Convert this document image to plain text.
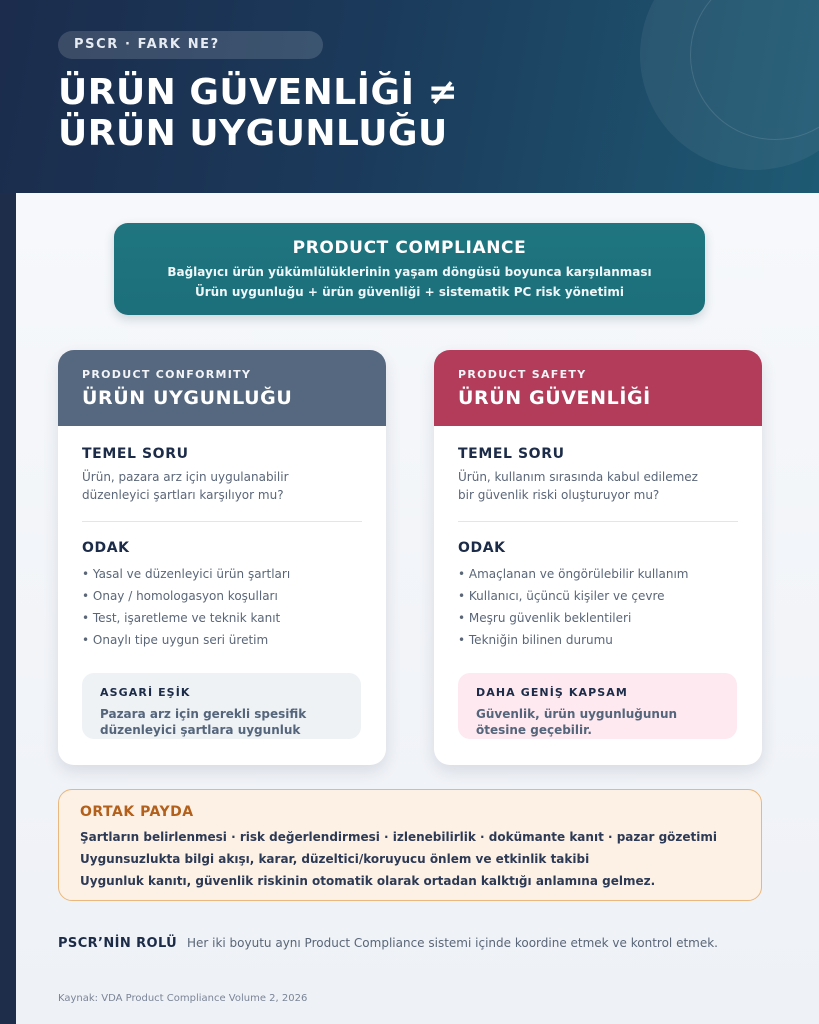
PSCR · FARK NE?
ÜRÜN GÜVENLİĞİ ≠
ÜRÜN UYGUNLUĞU
PRODUCT COMPLIANCE
Bağlayıcı ürün yükümlülüklerinin yaşam döngüsü boyunca karşılanması
Ürün uygunluğu + ürün güvenliği + sistematik PC risk yönetimi
PRODUCT CONFORMITY
ÜRÜN UYGUNLUĞU
TEMEL SORU
Ürün, pazara arz için uygulanabilir
düzenleyici şartları karşılıyor mu?
ODAK
• Yasal ve düzenleyici ürün şartları
• Onay / homologasyon koşulları
• Test, işaretleme ve teknik kanıt
• Onaylı tipe uygun seri üretim
ASGARİ EŞİK
Pazara arz için gerekli spesifik
düzenleyici şartlara uygunluk
PRODUCT SAFETY
ÜRÜN GÜVENLİĞİ
TEMEL SORU
Ürün, kullanım sırasında kabul edilemez
bir güvenlik riski oluşturuyor mu?
ODAK
• Amaçlanan ve öngörülebilir kullanım
• Kullanıcı, üçüncü kişiler ve çevre
• Meşru güvenlik beklentileri
• Tekniğin bilinen durumu
DAHA GENİŞ KAPSAM
Güvenlik, ürün uygunluğunun
ötesine geçebilir.
ORTAK PAYDA
Şartların belirlenmesi · risk değerlendirmesi · izlenebilirlik · dokümante kanıt · pazar gözetimi
Uygunsuzlukta bilgi akışı, karar, düzeltici/koruyucu önlem ve etkinlik takibi
Uygunluk kanıtı, güvenlik riskinin otomatik olarak ortadan kalktığı anlamına gelmez.
PSCR’NİN ROLÜ Her iki boyutu aynı Product Compliance sistemi içinde koordine etmek ve kontrol etmek.
Kaynak: VDA Product Compliance Volume 2, 2026
